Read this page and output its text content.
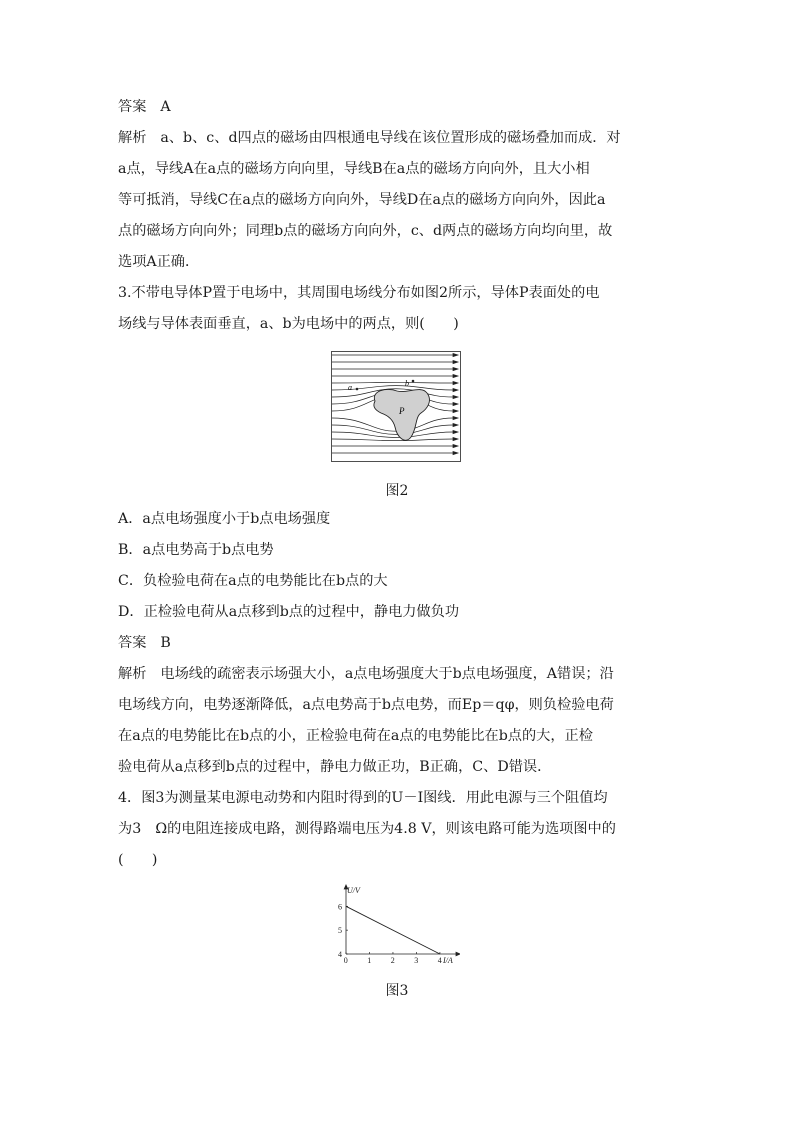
答案 A
解析 a、b、c、d四点的磁场由四根通电导线在该位置形成的磁场叠加而成．对
a点，导线A在a点的磁场方向向里，导线B在a点的磁场方向向外，且大小相
等可抵消，导线C在a点的磁场方向向外，导线D在a点的磁场方向向外，因此a
点的磁场方向向外；同理b点的磁场方向向外，c、d两点的磁场方向均向里，故
选项A正确．
3.不带电导体P置于电场中，其周围电场线分布如图2所示，导体P表面处的电
场线与导体表面垂直，a、b为电场中的两点，则(　　)
P
a	b
图2
A．a点电场强度小于b点电场强度
B．a点电势高于b点电势
C．负检验电荷在a点的电势能比在b点的大
D．正检验电荷从a点移到b点的过程中，静电力做负功
答案 B
解析 电场线的疏密表示场强大小，a点电场强度大于b点电场强度，A错误；沿
电场线方向，电势逐渐降低，a点电势高于b点电势，而Ep＝qφ，则负检验电荷
在a点的电势能比在b点的小，正检验电荷在a点的电势能比在b点的大，正检
验电荷从a点移到b点的过程中，静电力做正功，B正确，C、D错误．
4．图3为测量某电源电动势和内阻时得到的U－I图线．用此电源与三个阻值均
为3　Ω的电阻连接成电路，测得路端电压为4.8 V，则该电路可能为选项图中的
(　　)
0 1 2 3 4
4
5
6
U/V
I/A
图3
